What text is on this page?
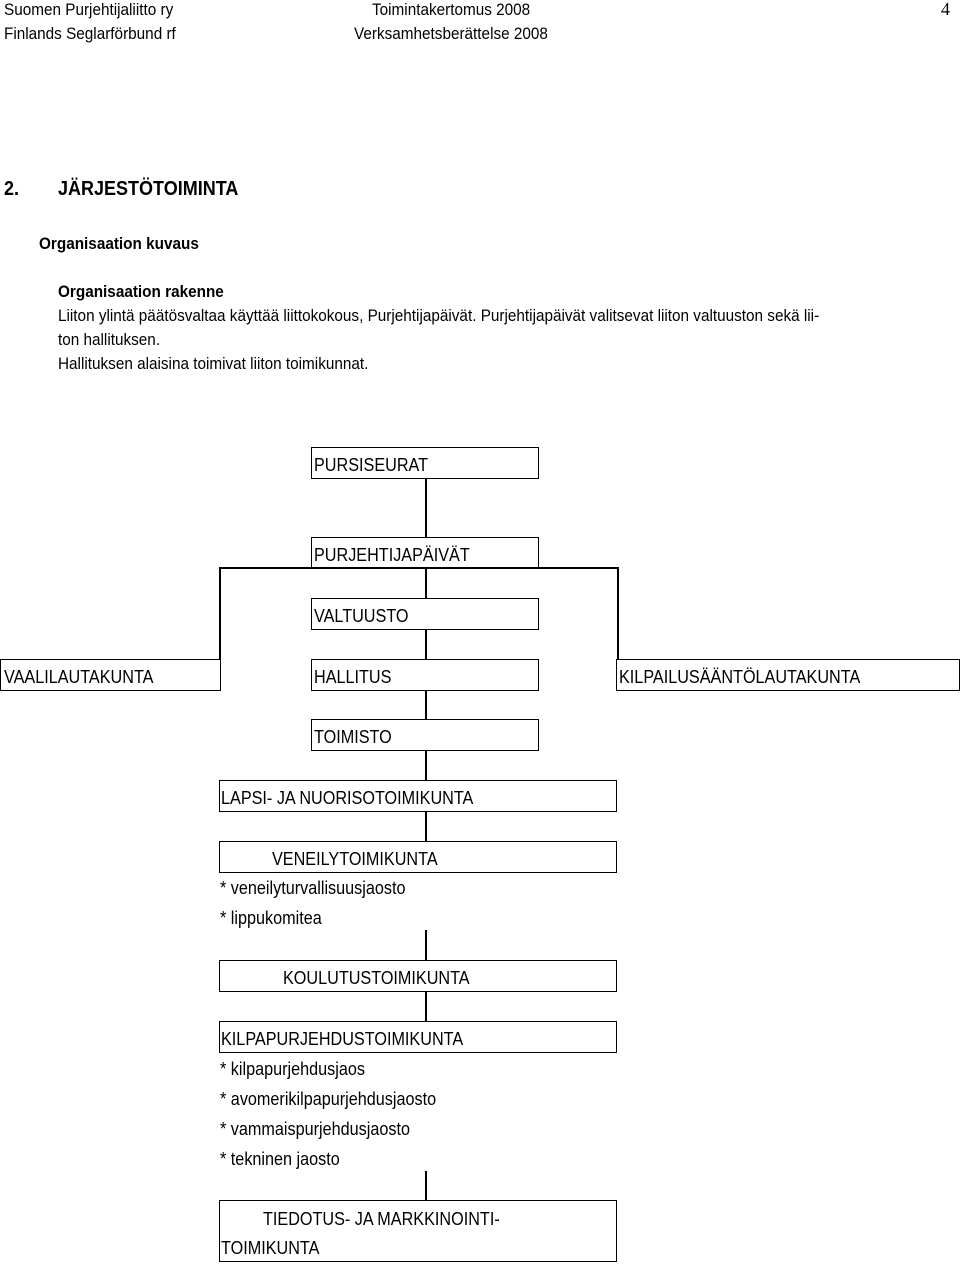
Suomen Purjehtijaliitto ry
Finlands Seglarförbund rf
Toimintakertomus 2008
Verksamhetsberättelse 2008
4
2. JÄRJESTÖTOIMINTA
Organisaation kuvaus
Organisaation rakenne
Liiton ylintä päätösvaltaa käyttää liittokokous, Purjehtijapäivät. Purjehtijapäivät valitsevat liiton valtuuston sekä lii-
ton hallituksen.
Hallituksen alaisina toimivat liiton toimikunnat.
PURSISEURAT
PURJEHTIJAPÄIVÄT
VALTUUSTO
VAALILAUTAKUNTA	HALLITUS	KILPAILUSÄÄNTÖLAUTAKUNTA
TOIMISTO
LAPSI- JA NUORISOTOIMIKUNTA
VENEILYTOIMIKUNTA
* veneilyturvallisuusjaosto
* lippukomitea
KOULUTUSTOIMIKUNTA
KILPAPURJEHDUSTOIMIKUNTA
* kilpapurjehdusjaos
* avomerikilpapurjehdusjaosto
* vammaispurjehdusjaosto
* tekninen jaosto
TIEDOTUS- JA MARKKINOINTI-
TOIMIKUNTA
